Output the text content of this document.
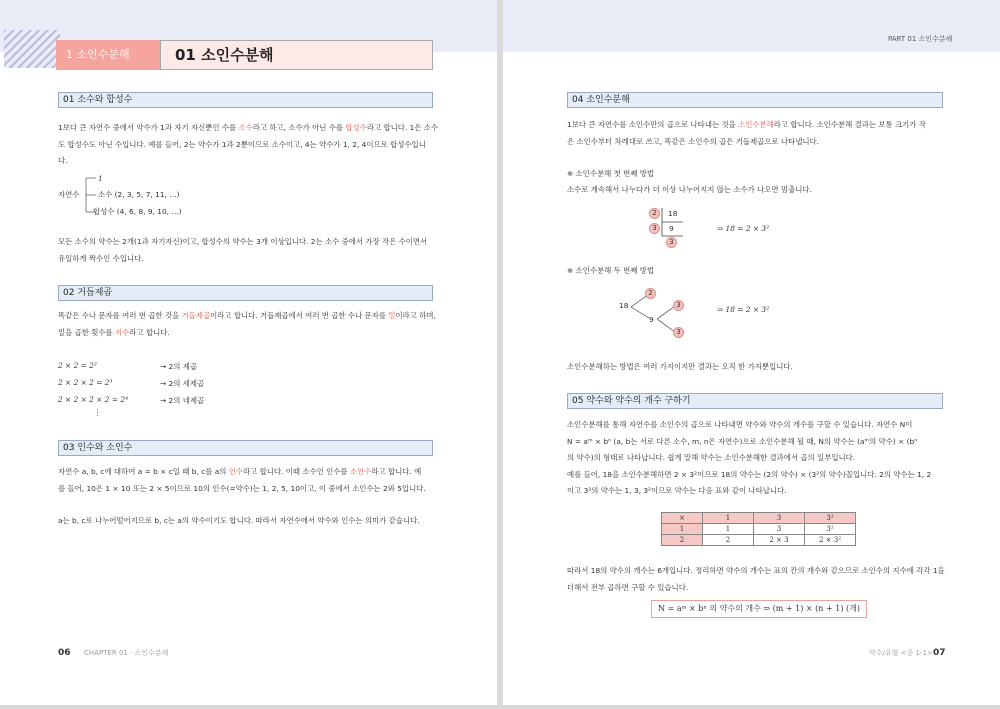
1 소인수분해	01 소인수분해
01 소수와 합성수
1보다 큰 자연수 중에서 약수가 1과 자기 자신뿐인 수를 소수라고 하고, 소수가 아닌 수를 합성수라고 합니다. 1은 소수
도 합성수도 아닌 수입니다. 예를 들어, 2는 약수가 1과 2뿐이므로 소수이고, 4는 약수가 1, 2, 4이므로 합성수입니
다.
자연수
1
소수 (2, 3, 5, 7, 11, …)
합성수 (4, 6, 8, 9, 10, …)
모든 소수의 약수는 2개(1과 자기자신)이고, 합성수의 약수는 3개 이상입니다. 2는 소수 중에서 가장 작은 수이면서
유일하게 짝수인 수입니다.
02 거듭제곱
똑같은 수나 문자를 여러 번 곱한 것을 거듭제곱이라고 합니다. 거듭제곱에서 여러 번 곱한 수나 문자를 밑이라고 하며,
밑을 곱한 횟수를 지수라고 합니다.
2 × 2 = 2²	→ 2의 제곱
2 × 2 × 2 = 2³	→ 2의 세제곱
2 × 2 × 2 × 2 = 2⁴	→ 2의 네제곱
⋮
03 인수와 소인수
자연수 a, b, c에 대하여 a = b × c일 때 b, c를 a의 인수라고 합니다. 이때 소수인 인수를 소인수라고 합니다. 예
를 들어, 10은 1 × 10 또는 2 × 5이므로 10의 인수(=약수)는 1, 2, 5, 10이고, 이 중에서 소인수는 2와 5입니다.
a는 b, c로 나누어떨어지므로 b, c는 a의 약수이기도 합니다. 따라서 자연수에서 약수와 인수는 의미가 같습니다.
06 CHAPTER 01 · 소인수분해
PART 01 소인수분해
04 소인수분해
1보다 큰 자연수를 소인수만의 곱으로 나타내는 것을 소인수분해라고 합니다. 소인수분해 결과는 보통 크기가 작
은 소인수부터 차례대로 쓰고, 똑같은 소인수의 곱은 거듭제곱으로 나타냅니다.
※ 소인수분해 첫 번째 방법
소수로 계속해서 나누다가 더 이상 나누어지지 않는 소수가 나오면 멈춥니다.
2
3
3
18
9	⇒ 18 = 2 × 3²
※ 소인수분해 두 번째 방법
18
2
9
3
3
⇒ 18 = 2 × 3²
소인수분해하는 방법은 여러 가지이지만 결과는 오직 한 가지뿐입니다.
05 약수와 약수의 개수 구하기
소인수분해를 통해 자연수를 소인수의 곱으로 나타내면 약수와 약수의 개수를 구할 수 있습니다. 자연수 N이
N = aᵐ × bⁿ (a, b는 서로 다른 소수, m, n은 자연수)으로 소인수분해 될 때, N의 약수는 (aᵐ의 약수) × (bⁿ
의 약수)의 형태로 나타납니다. 쉽게 말해 약수는 소인수분해한 결과에서 곱의 일부입니다.
예를 들어, 18을 소인수분해하면 2 × 3²이므로 18의 약수는 (2의 약수) × (3²의 약수)꼴입니다. 2의 약수는 1, 2
이고 3²의 약수는 1, 3, 3²이므로 약수는 다음 표와 같이 나타납니다.
×	1	3	3²
1	1	3	3²
2	2	2 × 3	2 × 3²
따라서 18의 약수의 개수는 6개입니다. 정리하면 약수의 개수는 표의 칸의 개수와 같으므로 소인수의 지수에 각각 1을
더해서 전부 곱하면 구할 수 있습니다.
N = aᵐ × bⁿ 의 약수의 개수 ⇒ (m + 1) × (n + 1) (개)
약수/유형 <중 1-1> 07
